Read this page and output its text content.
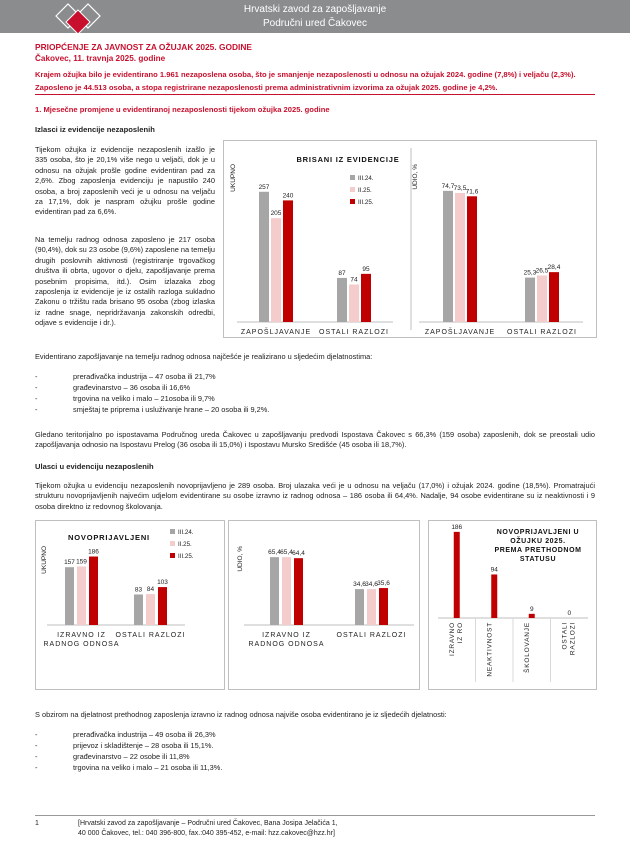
Hrvatski zavod za zapošljavanje
Područni ured Čakovec
PRIOPĆENJE ZA JAVNOST ZA OŽUJAK 2025. GODINE
Čakovec, 11. travnja 2025. godine
Krajem ožujka bilo je evidentirano 1.961 nezaposlena osoba, što je smanjenje nezaposlenosti u odnosu na ožujak 2024. godine (7,8%) i veljaču (2,3%).
Zaposleno je 44.513 osoba, a stopa registrirane nezaposlenosti prema administrativnim izvorima za ožujak 2025. godine je 4,2%.
1. Mjesečne promjene u evidentiranoj nezaposlenosti tijekom ožujka 2025. godine
Izlasci iz evidencije nezaposlenih
Tijekom ožujka iz evidencije nezaposlenih izašlo je 335 osoba, što je 20,1% više nego u veljači, dok je u odnosu na ožujak prošle godine evidentiran pad za 2,6%. Zbog zaposlenja evidenciju je napustilo 240 osoba, a broj zaposlenih veći je u odnosu na veljaču za 17,1%, dok je naspram ožujku prošle godine evidentiran pad za 6,6%.
Na temelju radnog odnosa zaposleno je 217 osoba (90,4%), dok su 23 osobe (9,6%) zaposlene na temelju drugih poslovnih aktivnosti (registriranje trgovačkog društva ili obrta, ugovor o djelu, zapošljavanje prema posebnim propisima, itd.). Osim izlazaka zbog zaposlenja iz evidencije je iz ostalih razloga sukladno Zakonu o tržištu rada brisano 95 osoba (zbog izlaska iz radne snage, nepridržavanja zakonskih odredbi, odjave s evidencije i dr.).
UKUPNO
BRISANI IZ EVIDENCIJE
257
205
240
ZAPOŠLJAVANJE
87
74
95
OSTALI RAZLOZI
III.24.
II.25.
III.25.
UDIO, %	74,7 73,5 71,6
ZAPOŠLJAVANJE
25,3 26,5 28,4
OSTALI RAZLOZI
Evidentirano zapošljavanje na temelju radnog odnosa najčešće je realizirano u sljedećim djelatnostima:
-	prerađivačka industrija – 47 osoba ili 21,7%
-	građevinarstvo – 36 osoba ili 16,6%
-	trgovina na veliko i malo – 21osoba ili 9,7%
-	smještaj te priprema i usluživanje hrane – 20 osoba ili 9,2%.
Gledano teritorijalno po ispostavama Područnog ureda Čakovec u zapošljavanju predvodi Ispostava Čakovec s 66,3% (159 osoba) zaposlenih, dok se preostali udio zapošljavanja odnosio na Ispostavu Prelog (36 osoba ili 15,0%) i Ispostavu Mursko Središće (45 osoba ili 18,7%).
Ulasci u evidenciju nezaposlenih
Tijekom ožujka u evidenciju nezaposlenih novoprijavljeno je 289 osoba. Broj ulazaka veći je u odnosu na veljaču (17,0%) i ožujak 2024. godine (18,5%). Promatrajući strukturu novoprijavljenih najvećim udjelom evidentirane su osobe izravno iz radnog odnosa – 186 osoba ili 64,4%. Nadalje, 94 osobe evidentirane su iz neaktivnosti i 9 osoba direktno iz redovnog školovanja.
UKUPNO
NOVOPRIJAVLJENI
157 159
186
IZRAVNO IZ
RADNOG ODNOSA
83 84
103
OSTALI RAZLOZI
III.24.
II.25.
III.25.	UDIO, %	65,4 65,4 64,4
IZRAVNO IZ
RADNOG ODNOSA
34,6 34,6 35,6
OSTALI RAZLOZI
NOVOPRIJAVLJENI U
OŽUJKU 2025.
PREMA PRETHODNOM
STATUSU
186
IZRAVNO IZ RO
94
NEAKTIVNOST
9
ŠKOLOVANJE
0
OSTALI RAZLOZI
S obzirom na djelatnost prethodnog zaposlenja izravno iz radnog odnosa najviše osoba evidentirano je iz sljedećih djelatnosti:
-	prerađivačka industrija – 49 osoba ili 26,3%
-	prijevoz i skladištenje – 28 osoba ili 15,1%.
-	građevinarstvo – 22 osobe ili 11,8%
-	trgovina na veliko i malo – 21 osoba ili 11,3%.
1	[Hrvatski zavod za zapošljavanje – Područni ured Čakovec, Bana Josipa Jelačića 1,
40 000 Čakovec, tel.: 040 396-800, fax.:040 395-452, e-mail: hzz.cakovec@hzz.hr]
